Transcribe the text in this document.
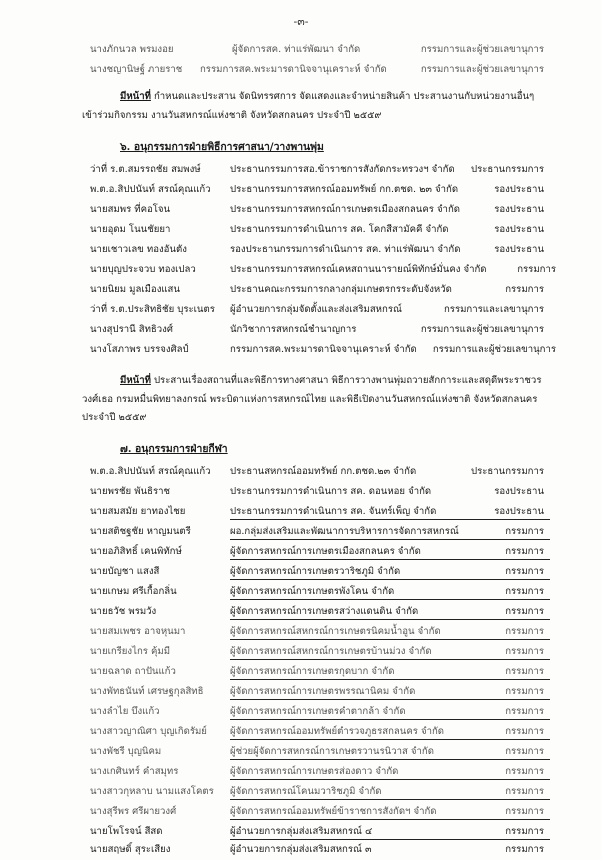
-๓-
นางภักนวล พรมงอย	ผู้จัดการสค. ท่าแร่พัฒนา จำกัด	กรรมการและผู้ช่วยเลขานุการ
นางชญานิษฐ์ ภายราช	กรรมการสค.พระมารดานิจจานุเคราะห์ จำกัด	กรรมการและผู้ช่วยเลขานุการ
มีหน้าที่ กำหนดและประสาน จัดนิทรรศการ จัดแสดงและจำหน่ายสินค้า ประสานงานกับหน่วยงานอื่นๆ เข้าร่วมกิจกรรม งานวันสหกรณ์แห่งชาติ จังหวัดสกลนคร ประจำปี ๒๕๕๙
๖. อนุกรรมการฝ่ายพิธีการศาสนา/วางพานพุ่ม
ว่าที่ ร.ต.สมรรถชัย สมพงษ์	ประธานกรรมการสอ.ข้าราชการสังกัดกระทรวงฯ จำกัด ประธานกรรมการ
พ.ต.อ.สิปปนันท์ สรณ์คุณแก้ว	ประธานกรรมการสหกรณ์ออมทรัพย์ กก.ตชด. ๒๓ จำกัด	รองประธาน
นายสมพร ที่คอโจน	ประธานกรรมการสหกรณ์การเกษตรเมืองสกลนคร จำกัด	รองประธาน
นายอุดม โนนชัยยา	ประธานกรรมการดำเนินการ สค. โคกสีสามัคคี จำกัด	รองประธาน
นายเชาวเลข ทองอันตัง	รองประธานกรรมการดำเนินการ สค. ท่าแร่พัฒนา จำกัด	รองประธาน
นายบุญประจวบ ทองเปลว	ประธานกรรมการสหกรณ์เคหสถานนารายณ์พิทักษ์มั่นคง จำกัด	กรรมการ
นายนิยม มูลเมืองแสน	ประธานคณะกรรมการกลางกลุ่มเกษตรกรระดับจังหวัด	กรรมการ
ว่าที่ ร.ต.ประสิทธิชัย บุระเนตร	ผู้อำนวยการกลุ่มจัดตั้งและส่งเสริมสหกรณ์	กรรมการและเลขานุการ
นางสุปรานี สิทธิวงศ์	นักวิชาการสหกรณ์ชำนาญการ	กรรมการและผู้ช่วยเลขานุการ
นางโสภาพร บรรจงศิลป์	กรรมการสค.พระมารดานิจจานุเคราะห์ จำกัด กรรมการและผู้ช่วยเลขานุการ
มีหน้าที่ ประสานเรื่องสถานที่และพิธีการทางศาสนา พิธีการวางพานพุ่มถวายสักการะและสดุดีพระราชวรวงศ์เธอ กรมหมื่นพิทยาลงกรณ์ พระบิดาแห่งการสหกรณ์ไทย และพิธีเปิดงานวันสหกรณ์แห่งชาติ จังหวัดสกลนคร ประจำปี ๒๕๕๙
๗. อนุกรรมการฝ่ายกีฬา
พ.ต.อ.สิปปนันท์ สรณ์คุณแก้ว	ประธานสหกรณ์ออมทรัพย์ กก.ตชด.๒๓ จำกัด	ประธานกรรมการ
นายพรชัย พันธิราช	ประธานกรรมการดำเนินการ สค. ดอนหอย จำกัด	รองประธาน
นายสมสมัย ยาทองไชย	ประธานกรรมการดำเนินการ สค. จันทร์เพ็ญ จำกัด	รองประธาน
นายสติชฐชัย หาญมนตรี	ผอ.กลุ่มส่งเสริมและพัฒนาการบริหารการจัดการสหกรณ์	กรรมการ
นายอภิสิทธิ์ เคนพิทักษ์	ผู้จัดการสหกรณ์การเกษตรเมืองสกลนคร จำกัด	กรรมการ
นายบัญชา แสงสี	ผู้จัดการสหกรณ์การเกษตรวาริชภูมิ จำกัด	กรรมการ
นายเกษม ศรีเกื้อกลิ่น	ผู้จัดการสหกรณ์การเกษตรพังโคน จำกัด	กรรมการ
นายธวัช พรมวัง	ผู้จัดการสหกรณ์การเกษตรสว่างแดนดิน จำกัด	กรรมการ
นายสมเพชร อาจหุนมา	ผู้จัดการสหกรณ์สหกรณ์การเกษตรนิคมน้ำอูน จำกัด	กรรมการ
นายเกรียงไกร คุ้มมี	ผู้จัดการสหกรณ์สหกรณ์การเกษตรบ้านม่วง จำกัด	กรรมการ
นายฉลาด ถาปันแก้ว	ผู้จัดการสหกรณ์การเกษตรกุดบาก จำกัด	กรรมการ
นางพัทธนันท์ เศรษฐกุลสิทธิ	ผู้จัดการสหกรณ์การเกษตรพรรณานิคม จำกัด	กรรมการ
นางลำไย บึงแก้ว	ผู้จัดการสหกรณ์การเกษตรคำตากล้า จำกัด	กรรมการ
นางสาวญาณิศา บุญเกิดรัมย์	ผู้จัดการสหกรณ์ออมทรัพย์ตำรวจภูธรสกลนคร จำกัด	กรรมการ
นางพัชรี บุญนิคม	ผู้ช่วยผู้จัดการสหกรณ์การเกษตรวานรนิวาส จำกัด	กรรมการ
นางเกศินทร์ คำสมุทร	ผู้จัดการสหกรณ์การเกษตรส่องดาว จำกัด	กรรมการ
นางสาวกุหลาบ นามแสงโคตร	ผู้จัดการสหกรณ์โคนมวาริชภูมิ จำกัด	กรรมการ
นางสุรีพร ศรีผายวงศ์	ผู้จัดการสหกรณ์ออมทรัพย์ข้าราชการสังกัดฯ จำกัด	กรรมการ
นายโพโรจน์ สีสด	ผู้อำนวยการกลุ่มส่งเสริมสหกรณ์ ๔	กรรมการ
นายสฤษดิ์ สุระเสียง	ผู้อำนวยการกลุ่มส่งเสริมสหกรณ์ ๓	กรรมการ
